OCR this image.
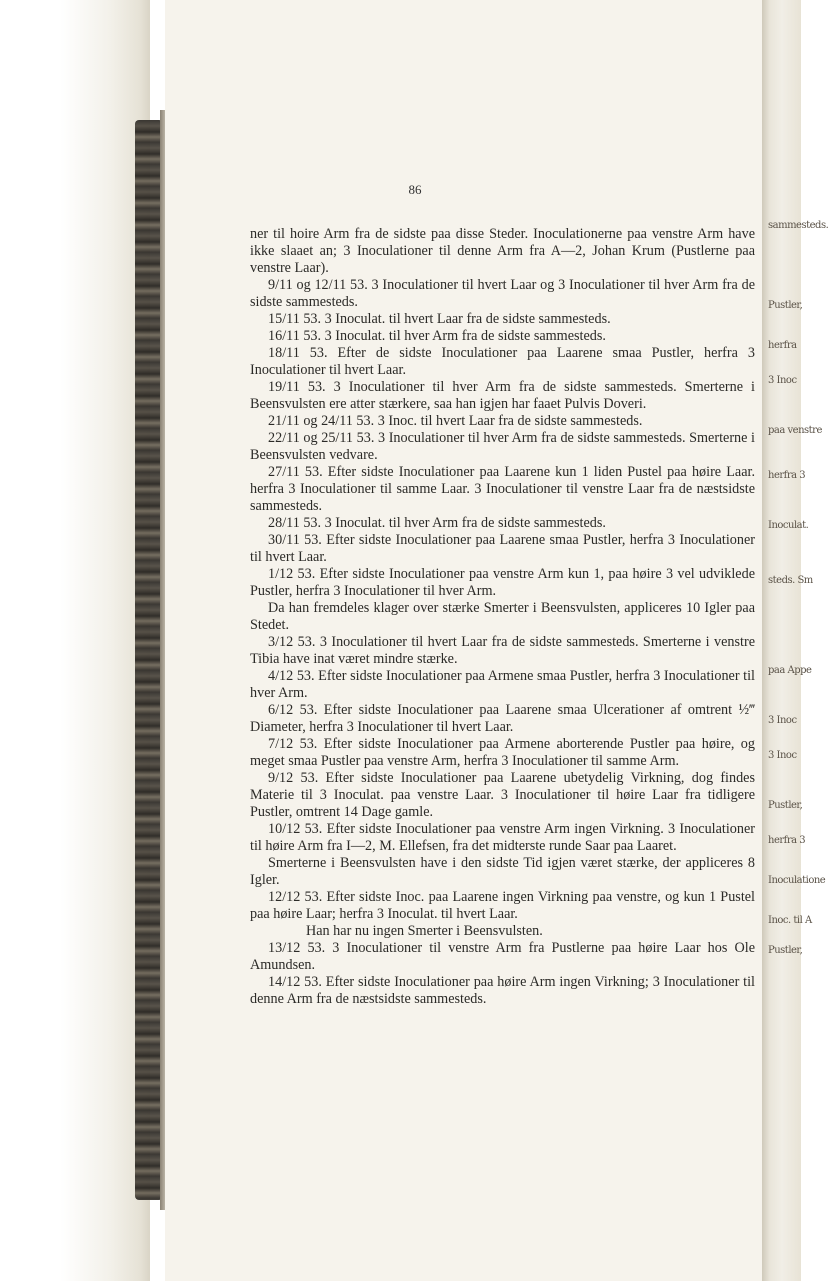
sammesteds.
Pustler,
herfra
3 Inoc
paa venstre
herfra 3
Inoculat.
steds. Sm
paa Appe
3 Inoc
3 Inoc
Pustler,
herfra 3
Inoculatione
Inoc. til A
Pustler,
86

ner til hoire Arm fra de sidste paa disse Steder. Inoculationerne paa venstre Arm have ikke slaaet an; 3 Inoculationer til denne Arm fra A—2, Johan Krum (Pustlerne paa venstre Laar).

9/11 og 12/11 53. 3 Inoculationer til hvert Laar og 3 Inoculationer til hver Arm fra de sidste sammesteds.

15/11 53. 3 Inoculat. til hvert Laar fra de sidste sammesteds.

16/11 53. 3 Inoculat. til hver Arm fra de sidste sammesteds.

18/11 53. Efter de sidste Inoculationer paa Laarene smaa Pustler, herfra 3 Inoculationer til hvert Laar.

19/11 53. 3 Inoculationer til hver Arm fra de sidste sammesteds. Smerterne i Beensvulsten ere atter stærkere, saa han igjen har faaet Pulvis Doveri.

21/11 og 24/11 53. 3 Inoc. til hvert Laar fra de sidste sammesteds.

22/11 og 25/11 53. 3 Inoculationer til hver Arm fra de sidste sammesteds. Smerterne i Beensvulsten vedvare.

27/11 53. Efter sidste Inoculationer paa Laarene kun 1 liden Pustel paa høire Laar. herfra 3 Inoculationer til samme Laar. 3 Inoculationer til venstre Laar fra de næstsidste sammesteds.

28/11 53. 3 Inoculat. til hver Arm fra de sidste sammesteds.

30/11 53. Efter sidste Inoculationer paa Laarene smaa Pustler, herfra 3 Inoculationer til hvert Laar.

1/12 53. Efter sidste Inoculationer paa venstre Arm kun 1, paa høire 3 vel udviklede Pustler, herfra 3 Inoculationer til hver Arm.

Da han fremdeles klager over stærke Smerter i Beensvulsten, appliceres 10 Igler paa Stedet.

3/12 53. 3 Inoculationer til hvert Laar fra de sidste sammesteds. Smerterne i venstre Tibia have inat været mindre stærke.

4/12 53. Efter sidste Inoculationer paa Armene smaa Pustler, herfra 3 Inoculationer til hver Arm.

6/12 53. Efter sidste Inoculationer paa Laarene smaa Ulcerationer af omtrent ½‴ Diameter, herfra 3 Inoculationer til hvert Laar.

7/12 53. Efter sidste Inoculationer paa Armene aborterende Pustler paa høire, og meget smaa Pustler paa venstre Arm, herfra 3 Inoculationer til samme Arm.

9/12 53. Efter sidste Inoculationer paa Laarene ubetydelig Virkning, dog findes Materie til 3 Inoculat. paa venstre Laar. 3 Inoculationer til høire Laar fra tidligere Pustler, omtrent 14 Dage gamle.

10/12 53. Efter sidste Inoculationer paa venstre Arm ingen Virkning. 3 Inoculationer til høire Arm fra I—2, M. Ellefsen, fra det midterste runde Saar paa Laaret.

Smerterne i Beensvulsten have i den sidste Tid igjen været stærke, der appliceres 8 Igler.

12/12 53. Efter sidste Inoc. paa Laarene ingen Virkning paa venstre, og kun 1 Pustel paa høire Laar; herfra 3 Inoculat. til hvert Laar.

Han har nu ingen Smerter i Beensvulsten.

13/12 53. 3 Inoculationer til venstre Arm fra Pustlerne paa høire Laar hos Ole Amundsen.

14/12 53. Efter sidste Inoculationer paa høire Arm ingen Virkning; 3 Inoculationer til denne Arm fra de næstsidste sammesteds.
